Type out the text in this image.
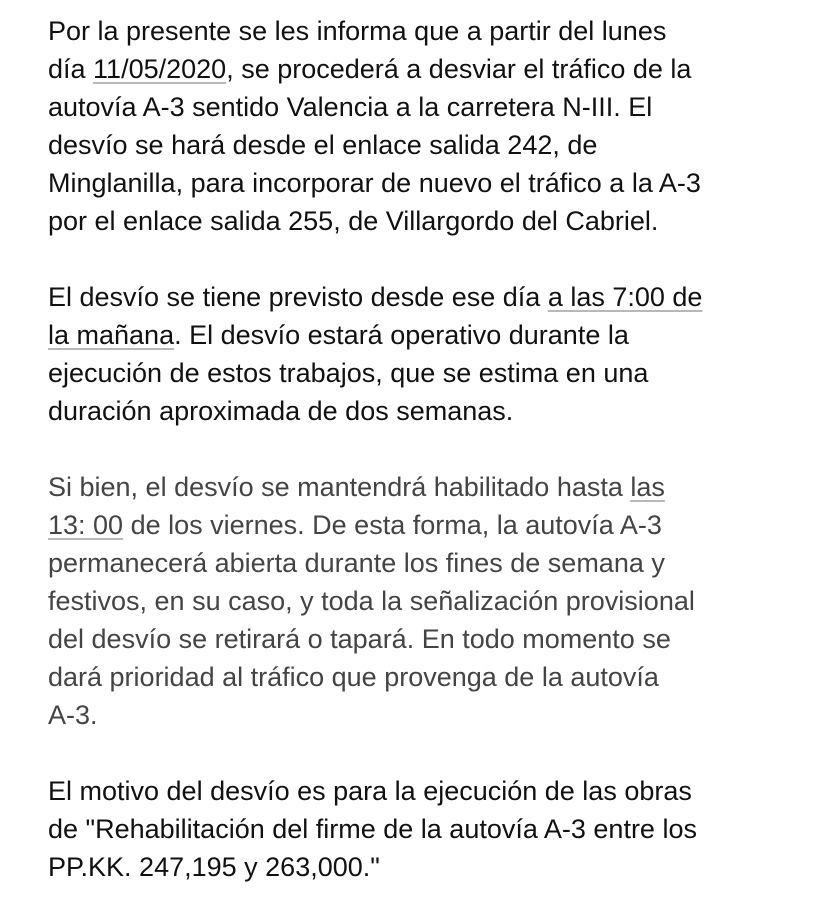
Por la presente se les informa que a partir del lunes
día 11/05/2020, se procederá a desviar el tráfico de la
autovía A-3 sentido Valencia a la carretera N-III. El
desvío se hará desde el enlace salida 242, de
Minglanilla, para incorporar de nuevo el tráfico a la A-3
por el enlace salida 255, de Villargordo del Cabriel.

El desvío se tiene previsto desde ese día a las 7:00 de
la mañana. El desvío estará operativo durante la
ejecución de estos trabajos, que se estima en una
duración aproximada de dos semanas.

Si bien, el desvío se mantendrá habilitado hasta las
13: 00 de los viernes. De esta forma, la autovía A-3
permanecerá abierta durante los fines de semana y
festivos, en su caso, y toda la señalización provisional
del desvío se retirará o tapará. En todo momento se
dará prioridad al tráfico que provenga de la autovía
A-3.

El motivo del desvío es para la ejecución de las obras
de "Rehabilitación del firme de la autovía A-3 entre los
PP.KK. 247,195 y 263,000."
